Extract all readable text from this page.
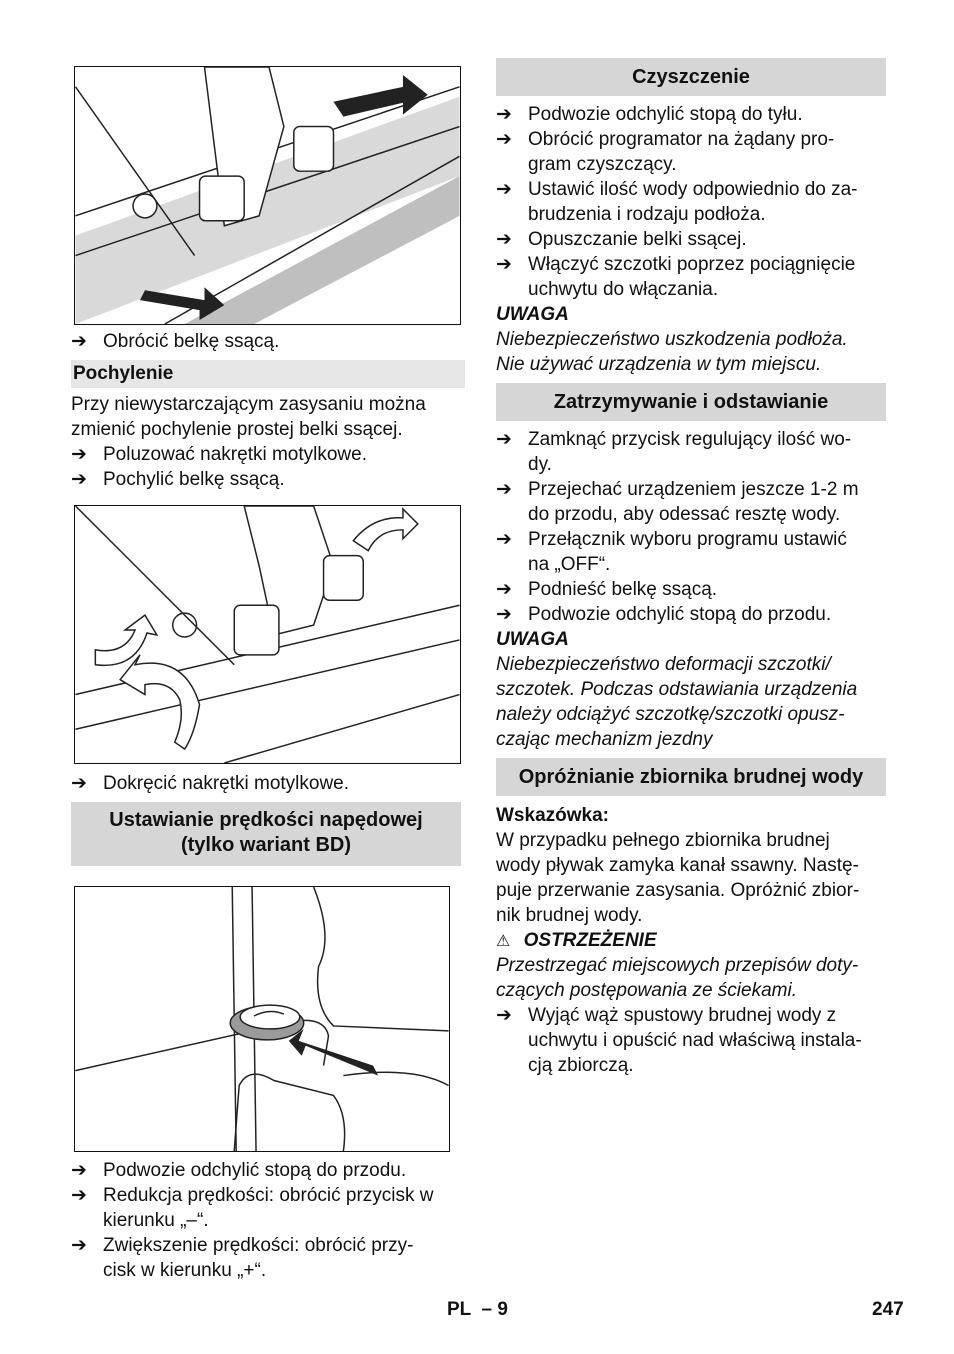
➔ Obrócić belkę ssącą.
Pochylenie
Przy niewystarczającym zasysaniu można zmienić pochylenie prostej belki ssącej.
➔ Poluzować nakrętki motylkowe.
➔ Pochylić belkę ssącą.
➔ Dokręcić nakrętki motylkowe.
Ustawianie prędkości napędowej
(tylko wariant BD)
➔ Podwozie odchylić stopą do przodu.
➔ Redukcja prędkości: obrócić przycisk w
kierunku „–“.
➔ Zwiększenie prędkości: obrócić przy-
cisk w kierunku „+“.
Czyszczenie
➔ Podwozie odchylić stopą do tyłu.
➔ Obrócić programator na żądany pro-
gram czyszczący.
➔ Ustawić ilość wody odpowiednio do za-
brudzenia i rodzaju podłoża.
➔ Opuszczanie belki ssącej.
➔ Włączyć szczotki poprzez pociągnięcie
uchwytu do włączania.
UWAGA
Niebezpieczeństwo uszkodzenia podłoża.
Nie używać urządzenia w tym miejscu.
Zatrzymywanie i odstawianie
➔ Zamknąć przycisk regulujący ilość wo-
dy.
➔ Przejechać urządzeniem jeszcze 1-2 m
do przodu, aby odessać resztę wody.
➔ Przełącznik wyboru programu ustawić
na „OFF“.
➔ Podnieść belkę ssącą.
➔ Podwozie odchylić stopą do przodu.
UWAGA
Niebezpieczeństwo deformacji szczotki/
szczotek. Podczas odstawiania urządzenia
należy odciążyć szczotkę/szczotki opusz-
czając mechanizm jezdny
Opróżnianie zbiornika brudnej wody
Wskazówka:
W przypadku pełnego zbiornika brudnej
wody pływak zamyka kanał ssawny. Nastę-
puje przerwanie zasysania. Opróżnić zbior-
nik brudnej wody.
⚠ OSTRZEŻENIE
Przestrzegać miejscowych przepisów doty-
czących postępowania ze ściekami.
➔ Wyjąć wąż spustowy brudnej wody z
uchwytu i opuścić nad właściwą instala-
cją zbiorczą.
PL  – 9	247
